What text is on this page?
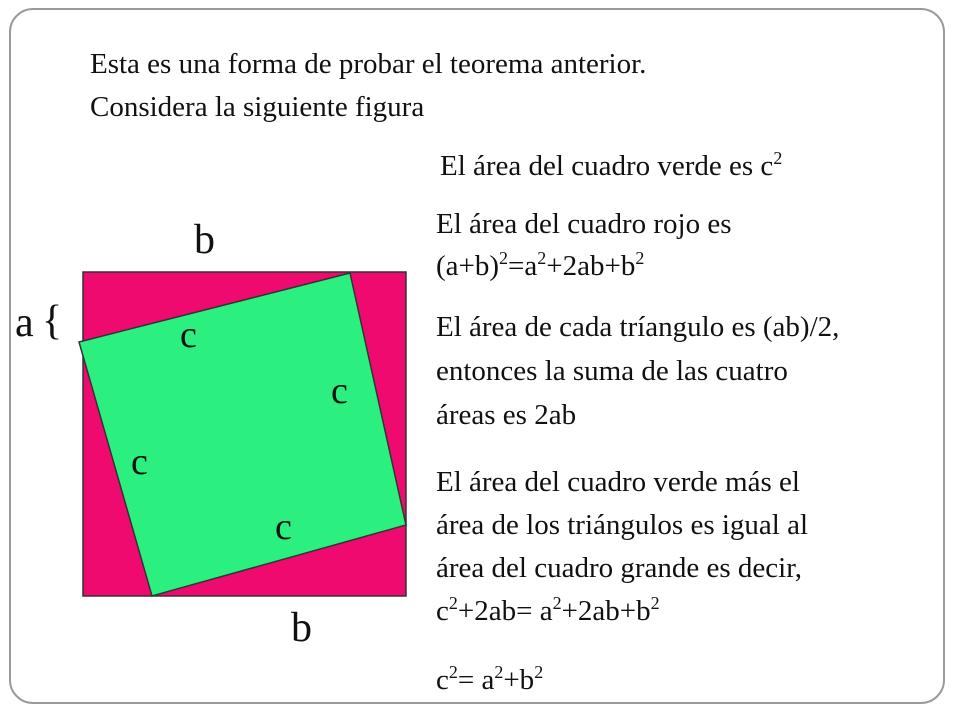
Esta es una forma de probar el teorema anterior.

Considera la siguiente figura

El área del cuadro verde es $c^2$

El área del cuadro rojo es

$(a+b)^2=a^2+2ab+b^2$

El área de cada tríangulo es (ab)/2,

entonces la suma de las cuatro

áreas es 2ab

El área del cuadro verde más el

área de los triángulos es igual al

área del cuadro grande es decir,

$c^2+2ab= a^2+2ab+b^2$

$c^2= a^2+b^2$

b
a {
b
c
c
c
c
